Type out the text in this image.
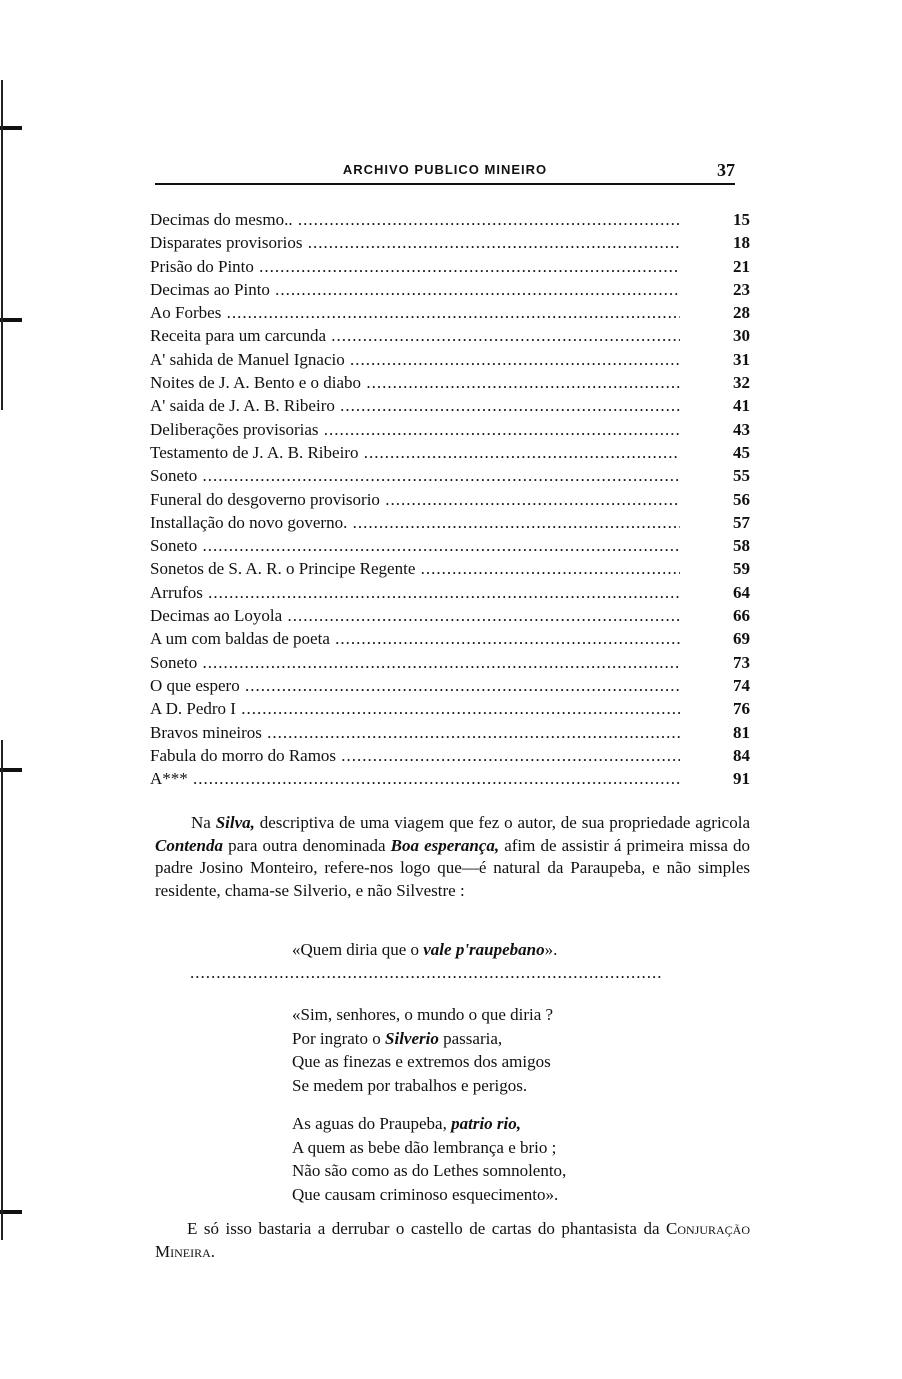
ARCHIVO PUBLICO MINEIRO	37
Decimas do mesmo.. .....	15
Disparates provisorios .....	18
Prisão do Pinto .....	21
Decimas ao Pinto .....	23
Ao Forbes .....	28
Receita para um carcunda .....	30
A' sahida de Manuel Ignacio .....	31
Noites de J. A. Bento e o diabo .....	32
A' saida de J. A. B. Ribeiro .....	41
Deliberações provisorias .....	43
Testamento de J. A. B. Ribeiro .....	45
Soneto .....	55
Funeral do desgoverno provisorio .....	56
Installação do novo governo. .....	57
Soneto .....	58
Sonetos de S. A. R. o Principe Regente .....	59
Arrufos .....	64
Decimas ao Loyola .....	66
A um com baldas de poeta .....	69
Soneto .....	73
O que espero .....	74
A D. Pedro I .....	76
Bravos mineiros .....	81
Fabula do morro do Ramos .....	84
A*** .....	91

Na Silva, descriptiva de uma viagem que fez o autor, de sua propriedade agricola Contenda para outra denominada Boa esperança, afim de assistir á primeira missa do padre Josino Monteiro, refere-nos logo que—é natural da Paraupeba, e não simples residente, chama-se Silverio, e não Silvestre :

«Quem diria que o vale p'raupebano».

..........................................................................................
«Sim, senhores, o mundo o que diria ?
Por ingrato o Silverio passaria,
Que as finezas e extremos dos amigos
Se medem por trabalhos e perigos.
As aguas do Praupeba, patrio rio,
A quem as bebe dão lembrança e brio ;
Não são como as do Lethes somnolento,
Que causam criminoso esquecimento».

E só isso bastaria a derrubar o castello de cartas do phantasista da Conjuração Mineira.
